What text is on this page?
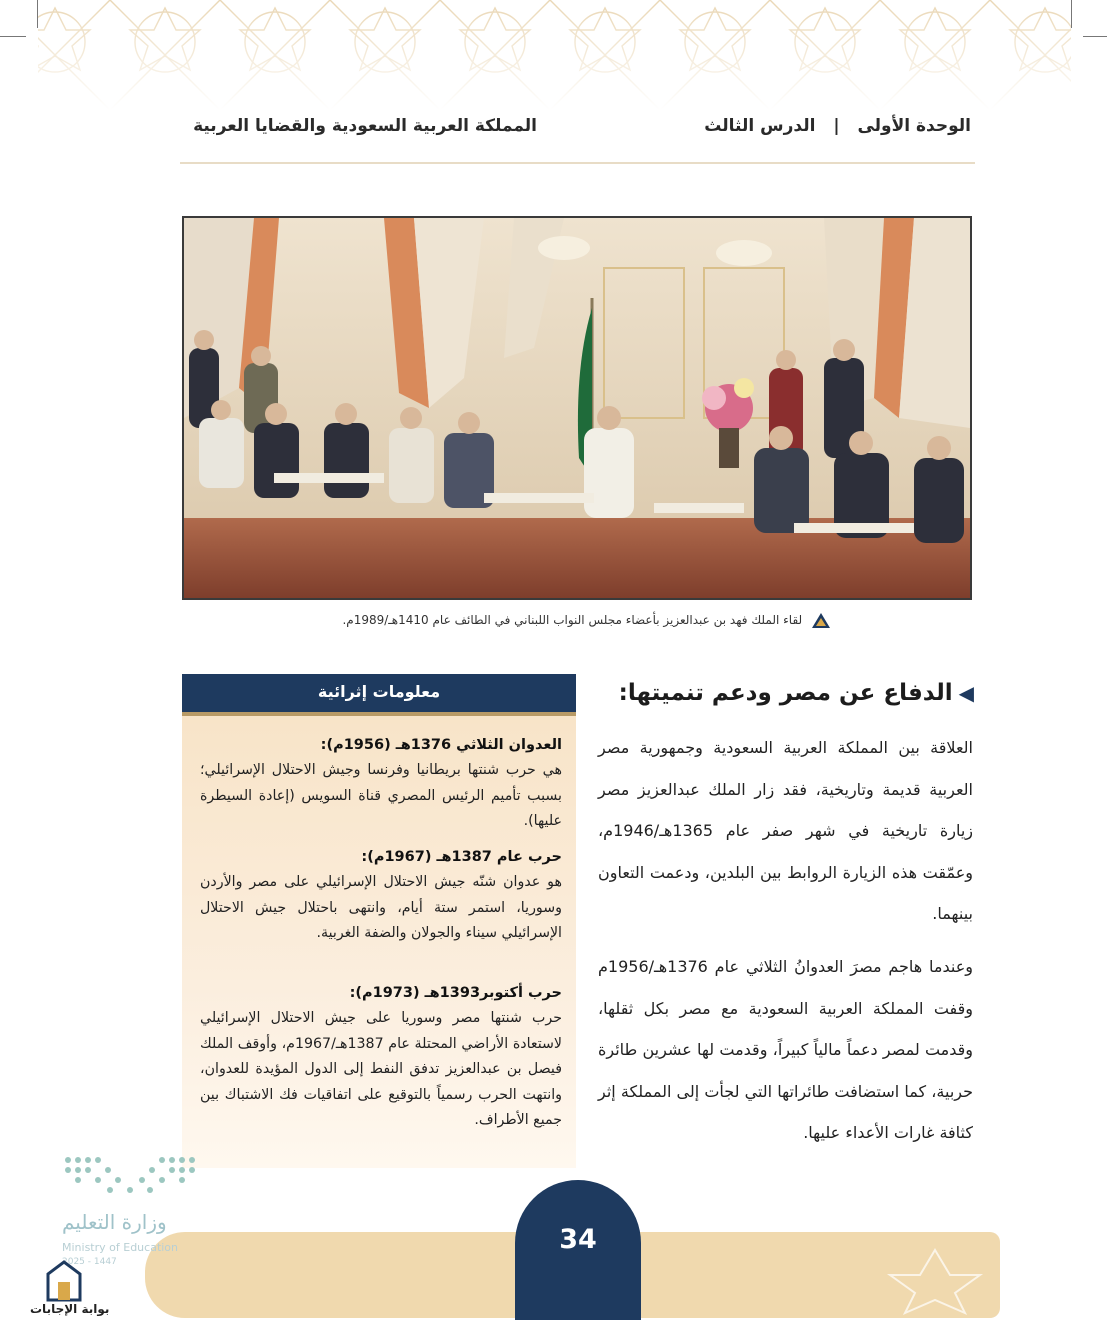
الوحدة الأولى | الدرس الثالث
المملكة العربية السعودية والقضايا العربية
لقاء الملك فهد بن عبدالعزيز بأعضاء مجلس النواب اللبناني في الطائف عام 1410هـ/1989م.
◀الدفاع عن مصر ودعم تنميتها:
العلاقة بين المملكة العربية السعودية وجمهورية مصر العربية قديمة وتاريخية، فقد زار الملك عبدالعزيز مصر زيارة تاريخية في شهر صفر عام 1365هـ/1946م، وعمّقت هذه الزيارة الروابط بين البلدين، ودعمت التعاون بينهما.
وعندما هاجم مصرَ العدوانُ الثلاثي عام 1376هـ/1956م وقفت المملكة العربية السعودية مع مصر بكل ثقلها، وقدمت لمصر دعماً مالياً كبيراً، وقدمت لها عشرين طائرة حربية، كما استضافت طائراتها التي لجأت إلى المملكة إثر كثافة غارات الأعداء عليها.
معلومات إثرائية
العدوان الثلاثي 1376هـ (1956م):
هي حرب شنتها بريطانيا وفرنسا وجيش الاحتلال الإسرائيلي؛ بسبب تأميم الرئيس المصري قناة السويس (إعادة السيطرة عليها).
حرب عام 1387هـ (1967م):
هو عدوان شنّه جيش الاحتلال الإسرائيلي على مصر والأردن وسوريا، استمر ستة أيام، وانتهى باحتلال جيش الاحتلال الإسرائيلي سيناء والجولان والضفة الغربية.
حرب أكتوبر1393هـ (1973م):
حرب شنتها مصر وسوريا على جيش الاحتلال الإسرائيلي لاستعادة الأراضي المحتلة عام 1387هـ/1967م، وأوقف الملك فيصل بن عبدالعزيز تدفق النفط إلى الدول المؤيدة للعدوان، وانتهت الحرب رسمياً بالتوقيع على اتفاقيات فك الاشتباك بين جميع الأطراف.
34
وزارة التعليم
Ministry of Education
2025 - 1447
بوابة الإجابات
